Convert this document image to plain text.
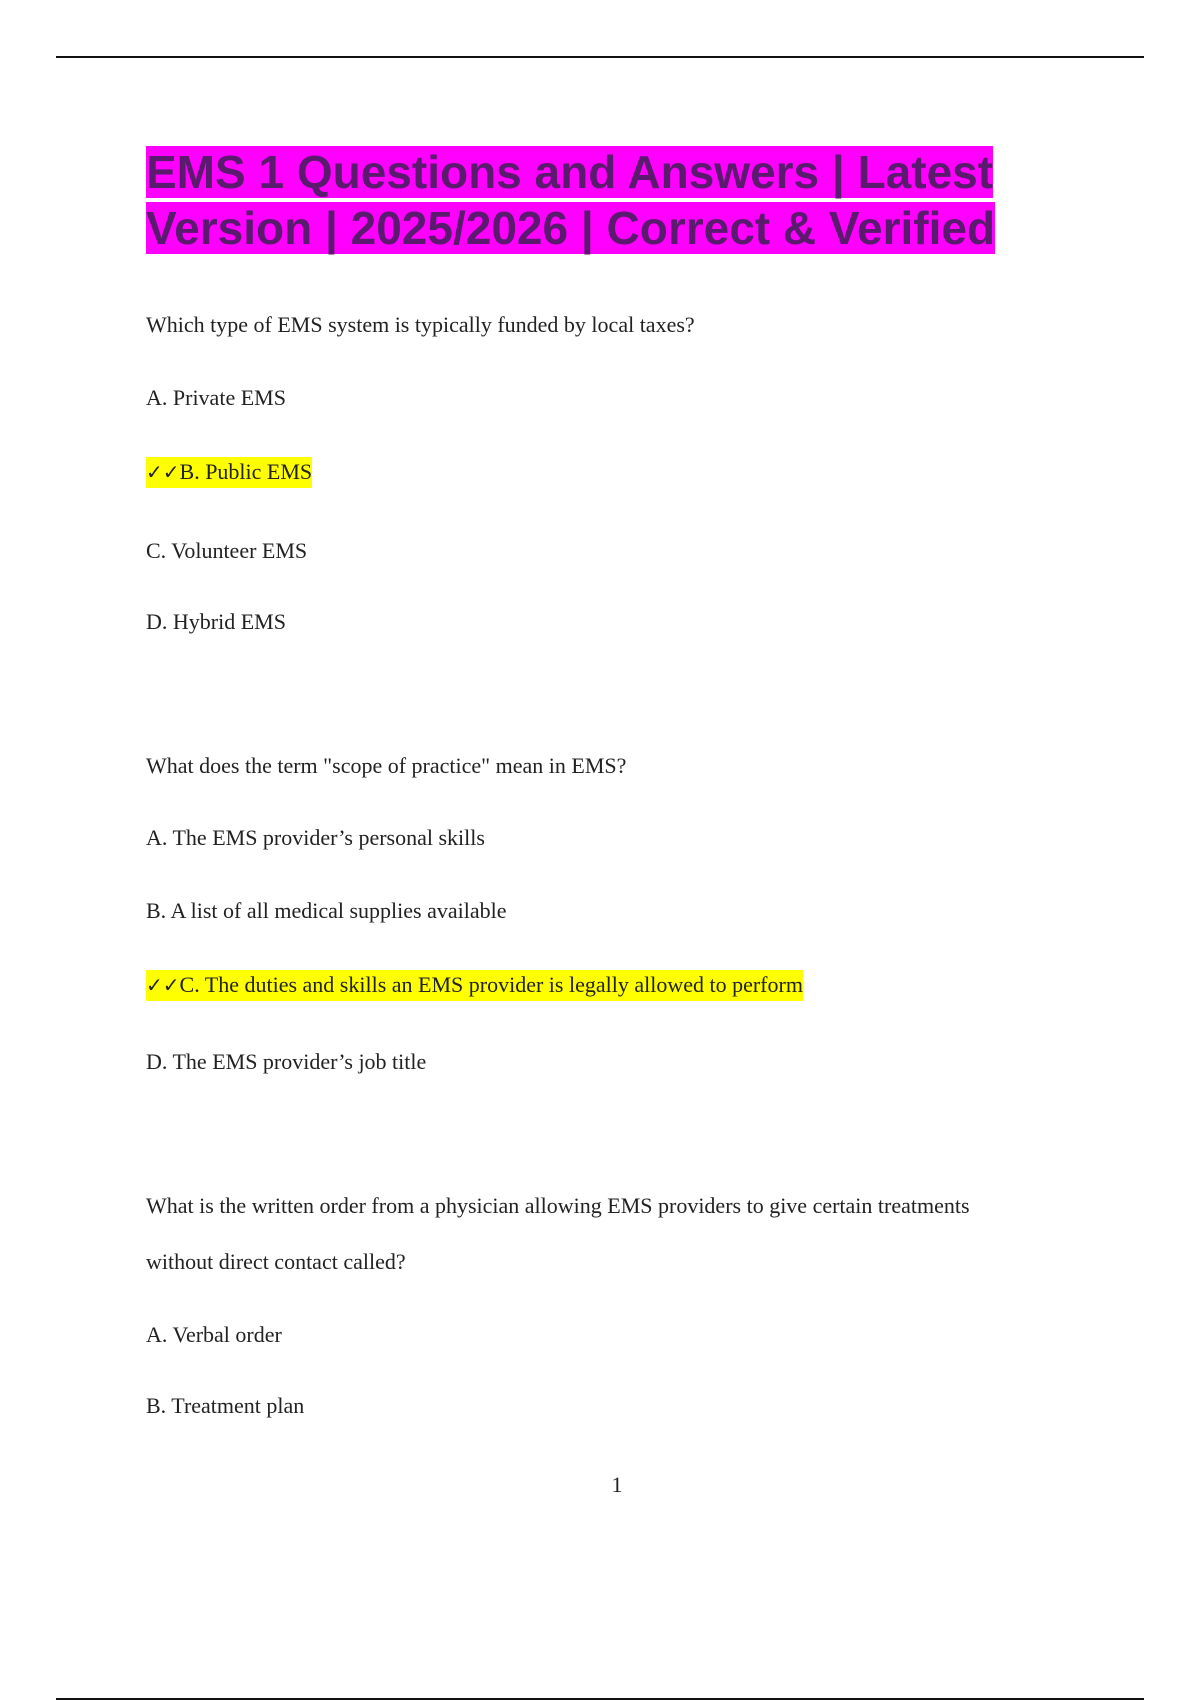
EMS 1 Questions and Answers | Latest
Version | 2025/2026 | Correct & Verified

Which type of EMS system is typically funded by local taxes?

A. Private EMS

✓✓B. Public EMS

C. Volunteer EMS

D. Hybrid EMS

What does the term "scope of practice" mean in EMS?

A. The EMS provider’s personal skills

B. A list of all medical supplies available

✓✓C. The duties and skills an EMS provider is legally allowed to perform

D. The EMS provider’s job title

What is the written order from a physician allowing EMS providers to give certain treatments

without direct contact called?

A. Verbal order

B. Treatment plan

1
